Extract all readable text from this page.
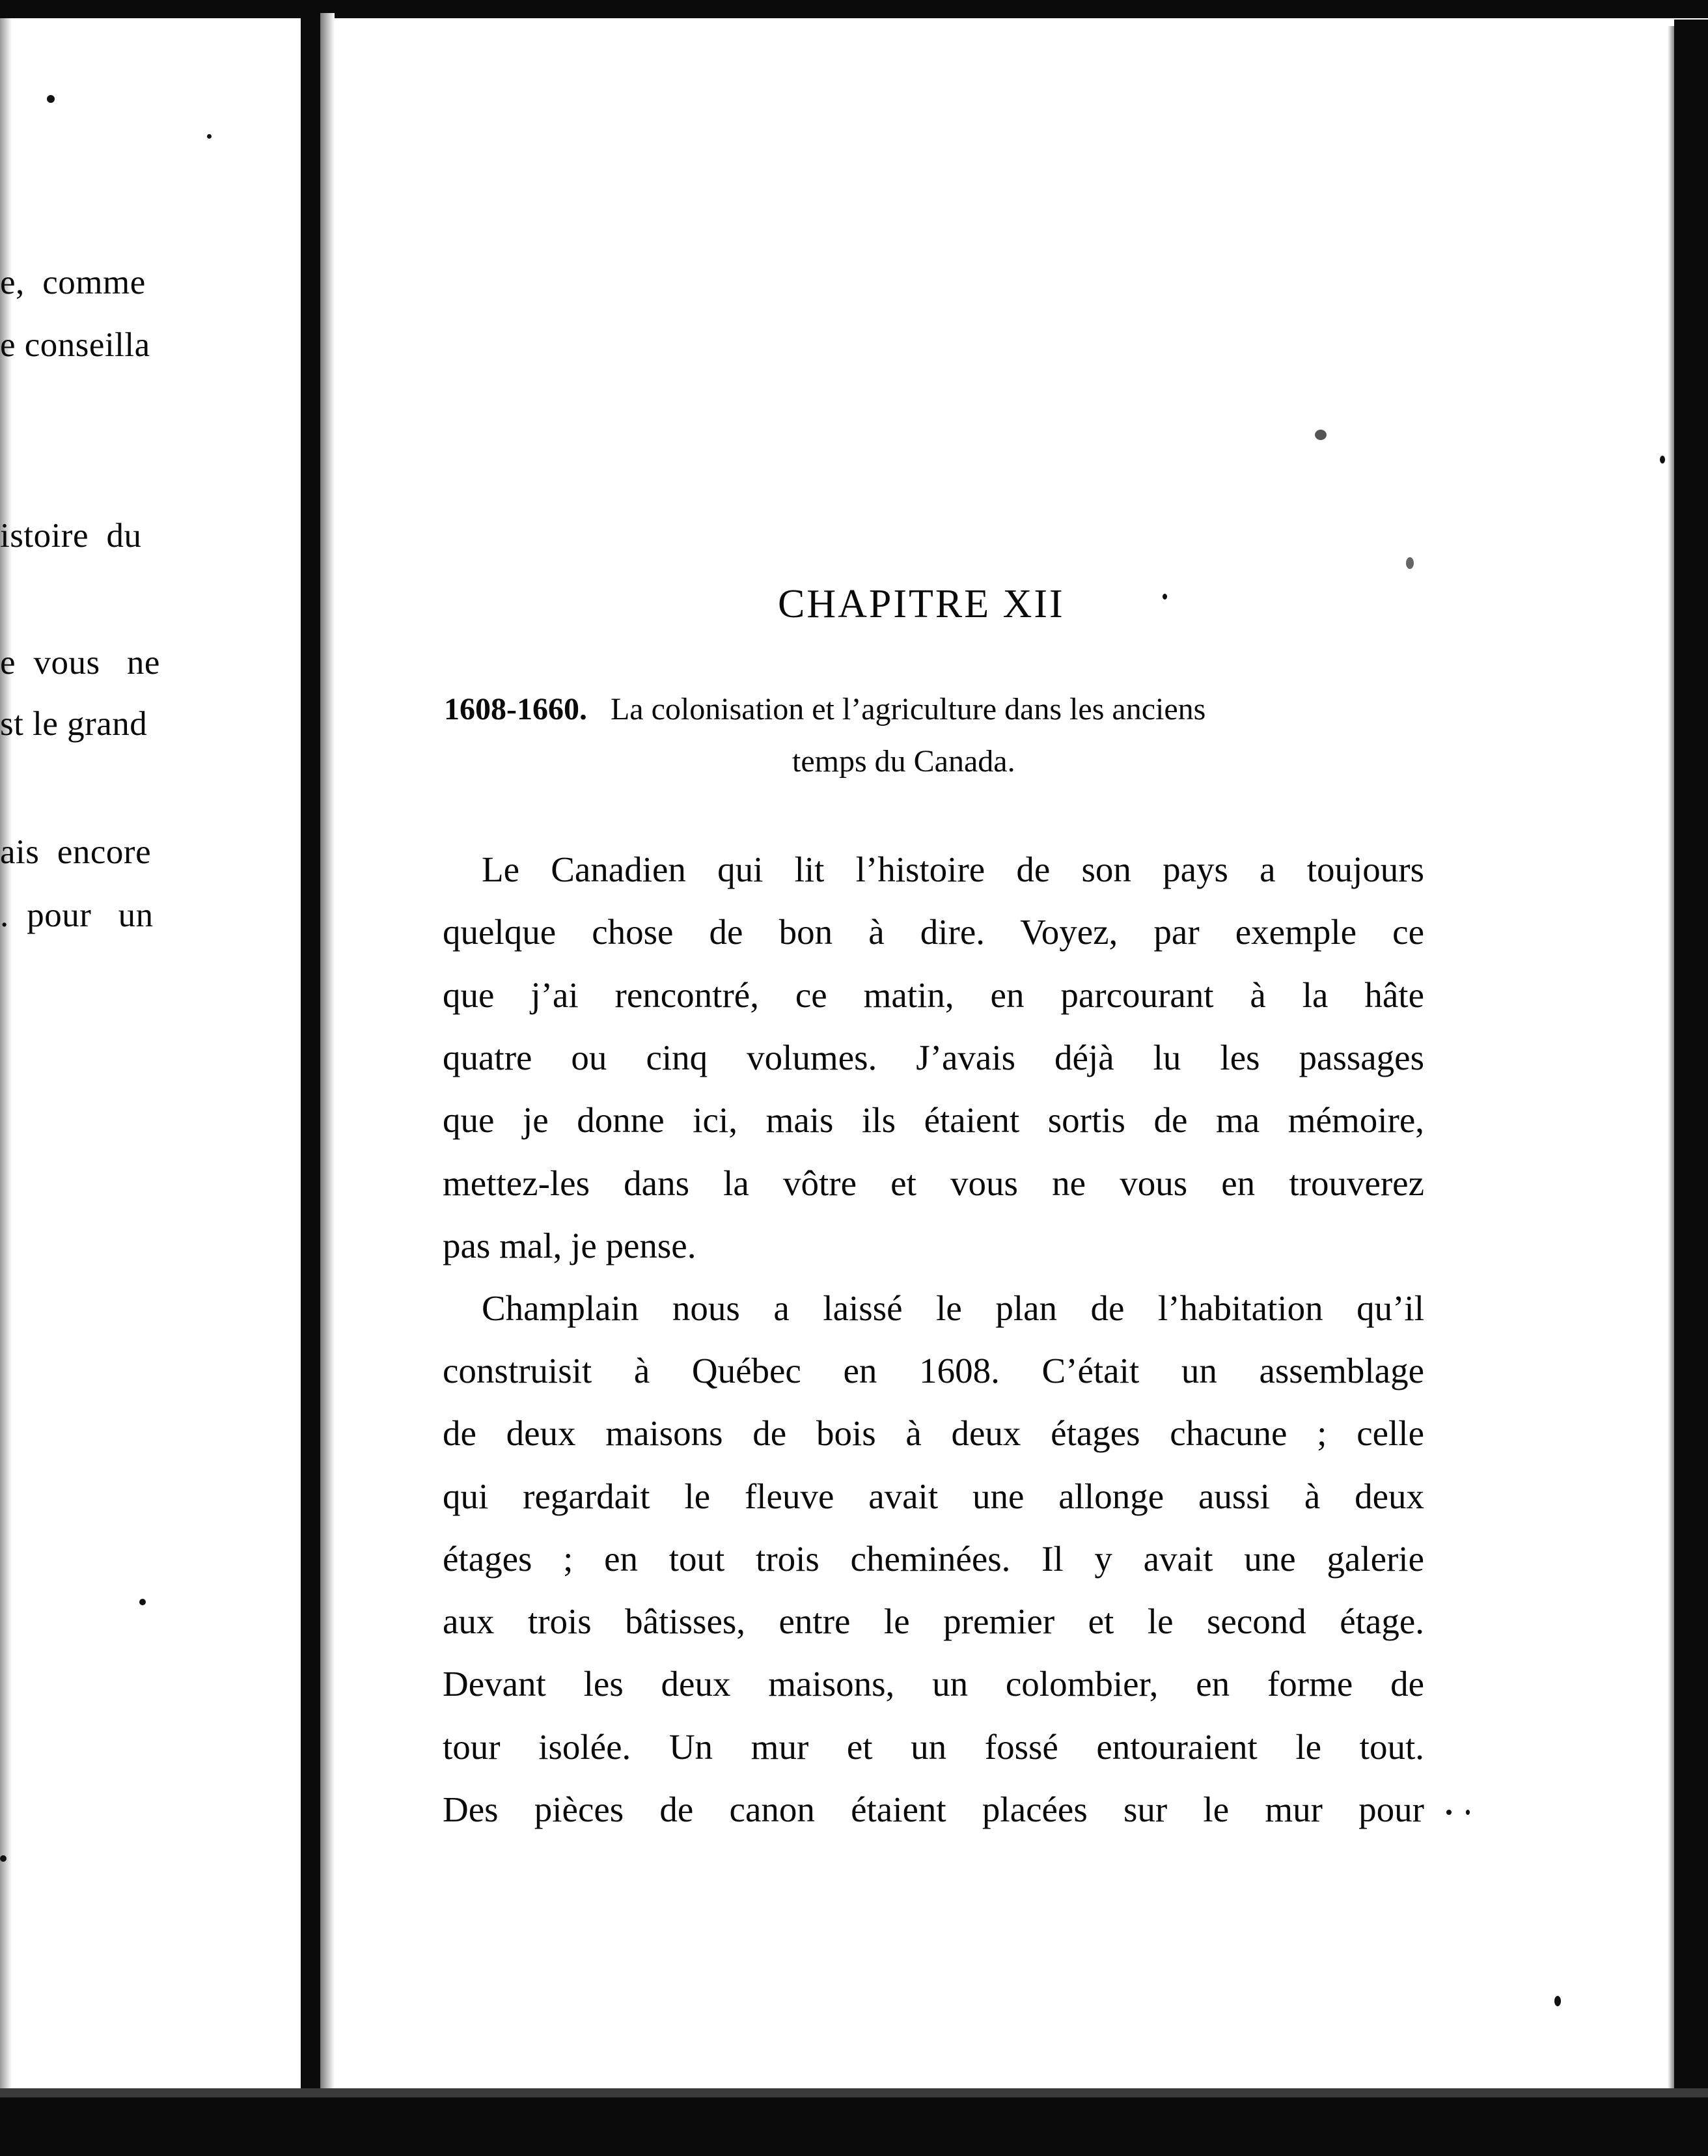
e,  comme
e conseilla
istoire  du
e  vous   ne
st le grand
ais  encore
.  pour   un
CHAPITRE XII
1608-1660. La colonisation et l’agriculture dans les anciens
temps du Canada.
Le Canadien qui lit l’histoire de son pays a toujours
quelque chose de bon à dire. Voyez, par exemple ce
que j’ai rencontré, ce matin, en parcourant à la hâte
quatre ou cinq volumes. J’avais déjà lu les passages
que je donne ici, mais ils étaient sortis de ma mémoire,
mettez-les dans la vôtre et vous ne vous en trouverez
pas mal, je pense.
Champlain nous a laissé le plan de l’habitation qu’il
construisit à Québec en 1608. C’était un assemblage
de deux maisons de bois à deux étages chacune ; celle
qui regardait le fleuve avait une allonge aussi à deux
étages ; en tout trois cheminées. Il y avait une galerie
aux trois bâtisses, entre le premier et le second étage.
Devant les deux maisons, un colombier, en forme de
tour isolée. Un mur et un fossé entouraient le tout.
Des pièces de canon étaient placées sur le mur pour
